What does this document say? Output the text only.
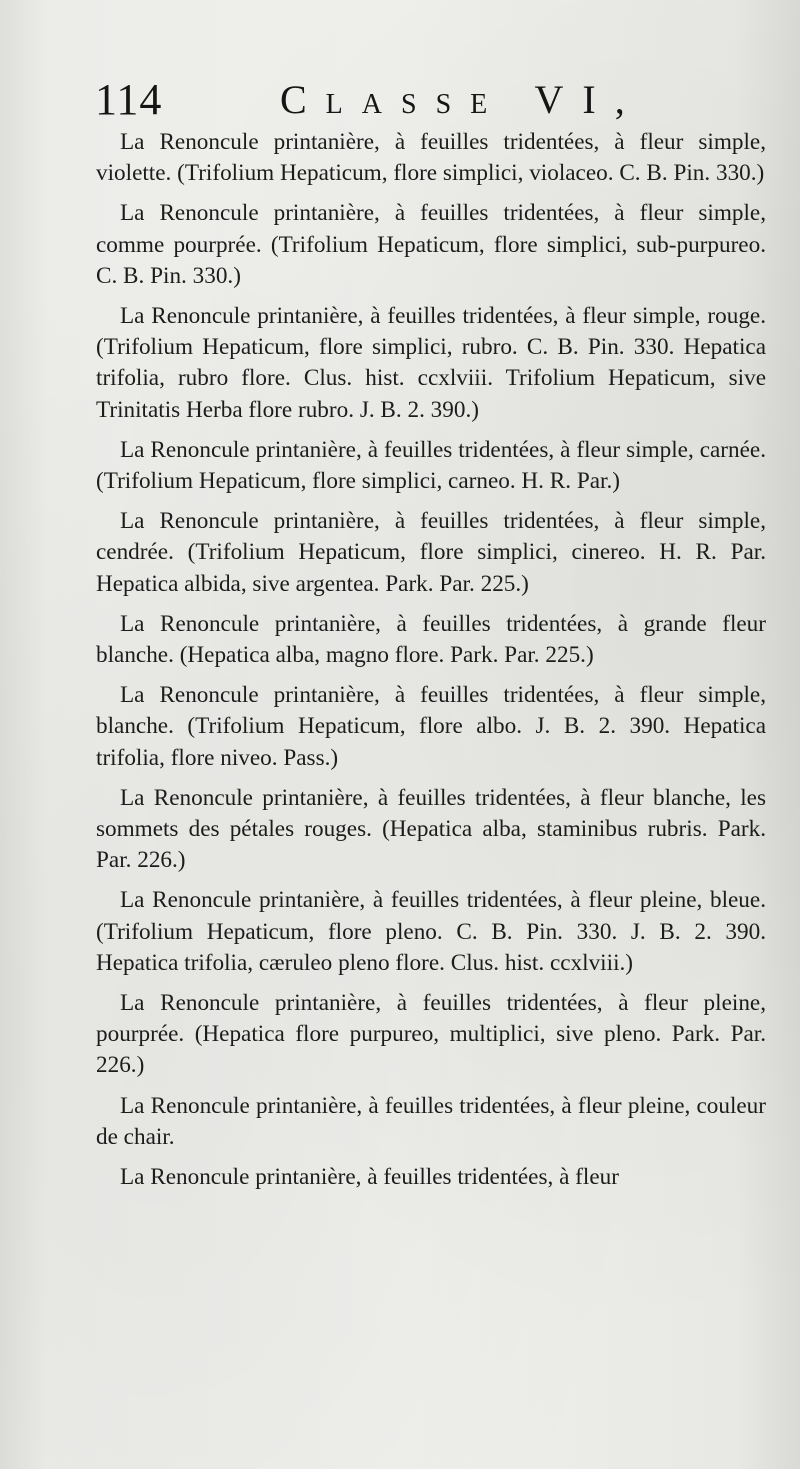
114	Classe VI,

La Renoncule printanière, à feuilles tridentées, à fleur simple, violette. (Trifolium Hepaticum, flore simplici, violaceo. C. B. Pin. 330.)

La Renoncule printanière, à feuilles tridentées, à fleur simple, comme pourprée. (Trifolium Hepaticum, flore simplici, sub-purpureo. C. B. Pin. 330.)

La Renoncule printanière, à feuilles tridentées, à fleur simple, rouge. (Trifolium Hepaticum, flore simplici, rubro. C. B. Pin. 330. Hepatica trifolia, rubro flore. Clus. hist. ccxlviii. Trifolium Hepaticum, sive Trinitatis Herba flore rubro. J. B. 2. 390.)

La Renoncule printanière, à feuilles tridentées, à fleur simple, carnée. (Trifolium Hepaticum, flore simplici, carneo. H. R. Par.)

La Renoncule printanière, à feuilles tridentées, à fleur simple, cendrée. (Trifolium Hepaticum, flore simplici, cinereo. H. R. Par. Hepatica albida, sive argentea. Park. Par. 225.)

La Renoncule printanière, à feuilles tridentées, à grande fleur blanche. (Hepatica alba, magno flore. Park. Par. 225.)

La Renoncule printanière, à feuilles tridentées, à fleur simple, blanche. (Trifolium Hepaticum, flore albo. J. B. 2. 390. Hepatica trifolia, flore niveo. Pass.)

La Renoncule printanière, à feuilles tridentées, à fleur blanche, les sommets des pétales rouges. (Hepatica alba, staminibus rubris. Park. Par. 226.)

La Renoncule printanière, à feuilles tridentées, à fleur pleine, bleue. (Trifolium Hepaticum, flore pleno. C. B. Pin. 330. J. B. 2. 390. Hepatica trifolia, cæruleo pleno flore. Clus. hist. ccxlviii.)

La Renoncule printanière, à feuilles tridentées, à fleur pleine, pourprée. (Hepatica flore purpureo, multiplici, sive pleno. Park. Par. 226.)

La Renoncule printanière, à feuilles tridentées, à fleur pleine, couleur de chair.

La Renoncule printanière, à feuilles tridentées, à fleur
